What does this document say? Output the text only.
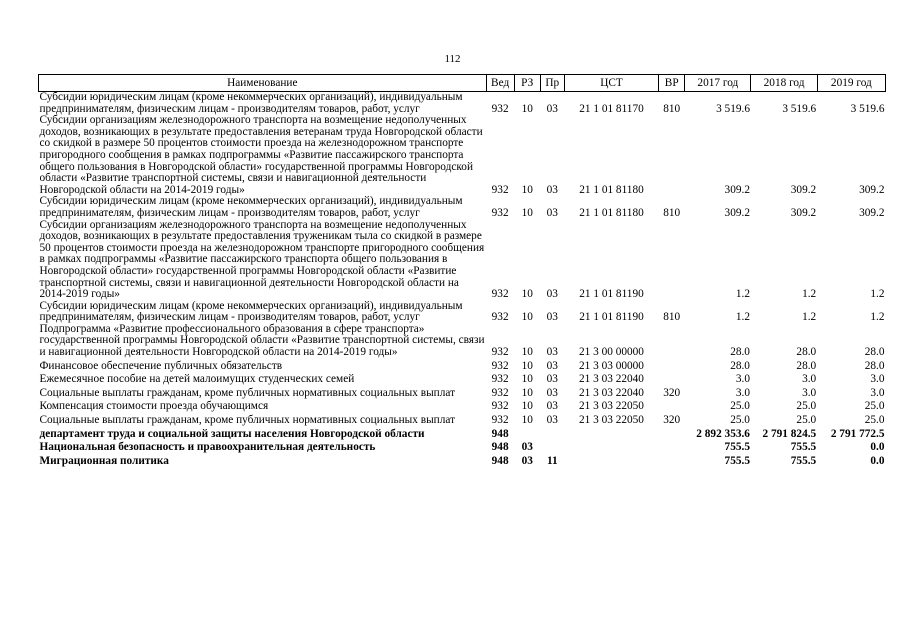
112
Наименование	Вед	РЗ	Пр	ЦСТ	ВР	2017 год	2018 год	2019 год
Субсидии юридическим лицам (кроме некоммерческих организаций), индивидуальным предпринимателям, физическим лицам - производителям товаров, работ, услуг	932	10	03	21 1 01 81170	810	3 519.6	3 519.6	3 519.6
Субсидии организациям железнодорожного транспорта на возмещение недополученных доходов, возникающих в результате предоставления ветеранам труда Новгородской области со скидкой в размере 50 процентов стоимости проезда на железнодорожном транспорте пригородного сообщения в рамках подпрограммы «Развитие пассажирского транспорта общего пользования в Новгородской области» государственной программы Новгородской области «Развитие транспортной системы, связи и навигационной деятельности Новгородской области на 2014-2019 годы»	932	10	03	21 1 01 81180		309.2	309.2	309.2
Субсидии юридическим лицам (кроме некоммерческих организаций), индивидуальным предпринимателям, физическим лицам - производителям товаров, работ, услуг	932	10	03	21 1 01 81180	810	309.2	309.2	309.2
Субсидии организациям железнодорожного транспорта на возмещение недополученных доходов, возникающих в результате предоставления труженикам тыла со скидкой в размере 50 процентов стоимости проезда на железнодорожном транспорте пригородного сообщения в рамках подпрограммы «Развитие пассажирского транспорта общего пользования в Новгородской области» государственной программы Новгородской области «Развитие транспортной системы, связи и навигационной деятельности Новгородской области на 2014-2019 годы»	932	10	03	21 1 01 81190		1.2	1.2	1.2
Субсидии юридическим лицам (кроме некоммерческих организаций), индивидуальным предпринимателям, физическим лицам - производителям товаров, работ, услуг	932	10	03	21 1 01 81190	810	1.2	1.2	1.2
Подпрограмма «Развитие профессионального образования в сфере транспорта» государственной программы Новгородской области «Развитие транспортной системы, связи и навигационной деятельности Новгородской области на 2014-2019 годы»	932	10	03	21 3 00 00000		28.0	28.0	28.0
Финансовое обеспечение публичных обязательств	932	10	03	21 3 03 00000		28.0	28.0	28.0
Ежемесячное пособие на детей малоимущих студенческих семей	932	10	03	21 3 03 22040		3.0	3.0	3.0
Социальные выплаты гражданам, кроме публичных нормативных социальных выплат	932	10	03	21 3 03 22040	320	3.0	3.0	3.0
Компенсация стоимости проезда обучающимся	932	10	03	21 3 03 22050		25.0	25.0	25.0
Социальные выплаты гражданам, кроме публичных нормативных социальных выплат	932	10	03	21 3 03 22050	320	25.0	25.0	25.0
департамент труда и социальной защиты населения Новгородской области	948					2 892 353.6	2 791 824.5	2 791 772.5
Национальная безопасность и правоохранительная деятельность	948	03				755.5	755.5	0.0
Миграционная политика	948	03	11			755.5	755.5	0.0
